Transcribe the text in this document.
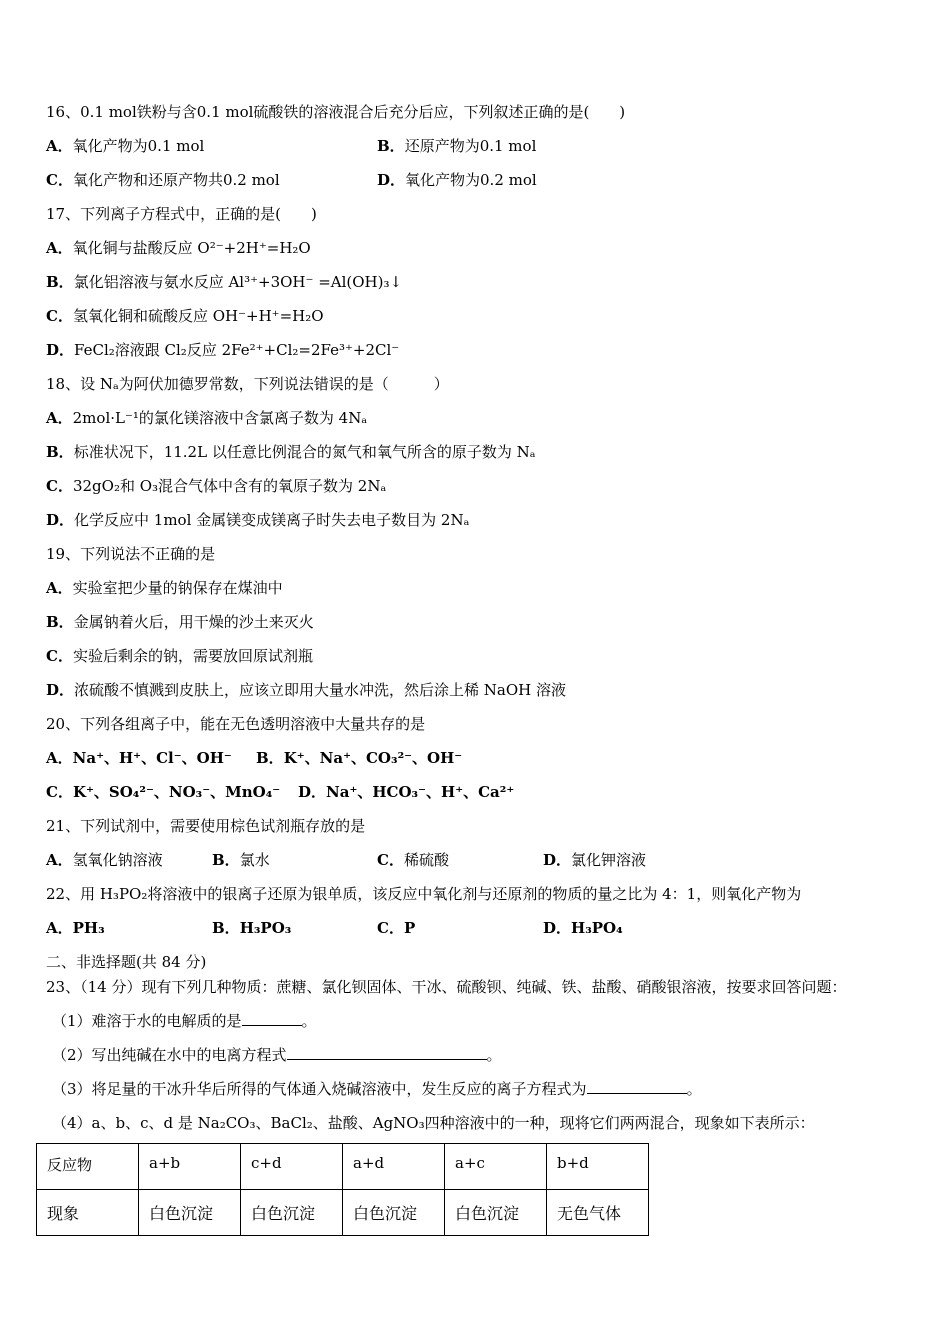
16、0.1 mol铁粉与含0.1 mol硫酸铁的溶液混合后充分后应，下列叙述正确的是(　　)
A．氧化产物为0.1 mol	B．还原产物为0.1 mol
C．氧化产物和还原产物共0.2 mol	D．氧化产物为0.2 mol
17、下列离子方程式中，正确的是(　　)
A．氧化铜与盐酸反应 O²⁻+2H⁺=H₂O
B．氯化铝溶液与氨水反应 Al³⁺+3OH⁻ =Al(OH)₃↓
C．氢氧化铜和硫酸反应 OH⁻+H⁺=H₂O
D．FeCl₂溶液跟 Cl₂反应 2Fe²⁺+Cl₂=2Fe³⁺+2Cl⁻
18、设 Nₐ为阿伏加德罗常数，下列说法错误的是（　　　）
A．2mol·L⁻¹的氯化镁溶液中含氯离子数为 4Nₐ
B．标准状况下，11.2L 以任意比例混合的氮气和氧气所含的原子数为 Nₐ
C．32gO₂和 O₃混合气体中含有的氧原子数为 2Nₐ
D．化学反应中 1mol 金属镁变成镁离子时失去电子数目为 2Nₐ
19、下列说法不正确的是
A．实验室把少量的钠保存在煤油中
B．金属钠着火后，用干燥的沙土来灭火
C．实验后剩余的钠，需要放回原试剂瓶
D．浓硫酸不慎溅到皮肤上，应该立即用大量水冲洗，然后涂上稀 NaOH 溶液
20、下列各组离子中，能在无色透明溶液中大量共存的是
A．Na⁺、H⁺、Cl⁻、OH⁻ B．K⁺、Na⁺、CO₃²⁻、OH⁻
C．K⁺、SO₄²⁻、NO₃⁻、MnO₄⁻ D．Na⁺、HCO₃⁻、H⁺、Ca²⁺
21、下列试剂中，需要使用棕色试剂瓶存放的是
A．氢氧化钠溶液	B．氯水	C．稀硫酸	D．氯化钾溶液
22、用 H₃PO₂将溶液中的银离子还原为银单质，该反应中氧化剂与还原剂的物质的量之比为 4：1，则氧化产物为
A．PH₃	B．H₃PO₃	C．P	D．H₃PO₄
二、非选择题(共 84 分)
23、（14 分）现有下列几种物质：蔗糖、氯化钡固体、干冰、硫酸钡、纯碱、铁、盐酸、硝酸银溶液，按要求回答问题：
（1）难溶于水的电解质的是	。
（2）写出纯碱在水中的电离方程式	。
（3）将足量的干冰升华后所得的气体通入烧碱溶液中，发生反应的离子方程式为	。
（4）a、b、c、d 是 Na₂CO₃、BaCl₂、盐酸、AgNO₃四种溶液中的一种，现将它们两两混合，现象如下表所示：
反应物	a+b	c+d	a+d	a+c	b+d
现象	白色沉淀	白色沉淀	白色沉淀	白色沉淀	无色气体
